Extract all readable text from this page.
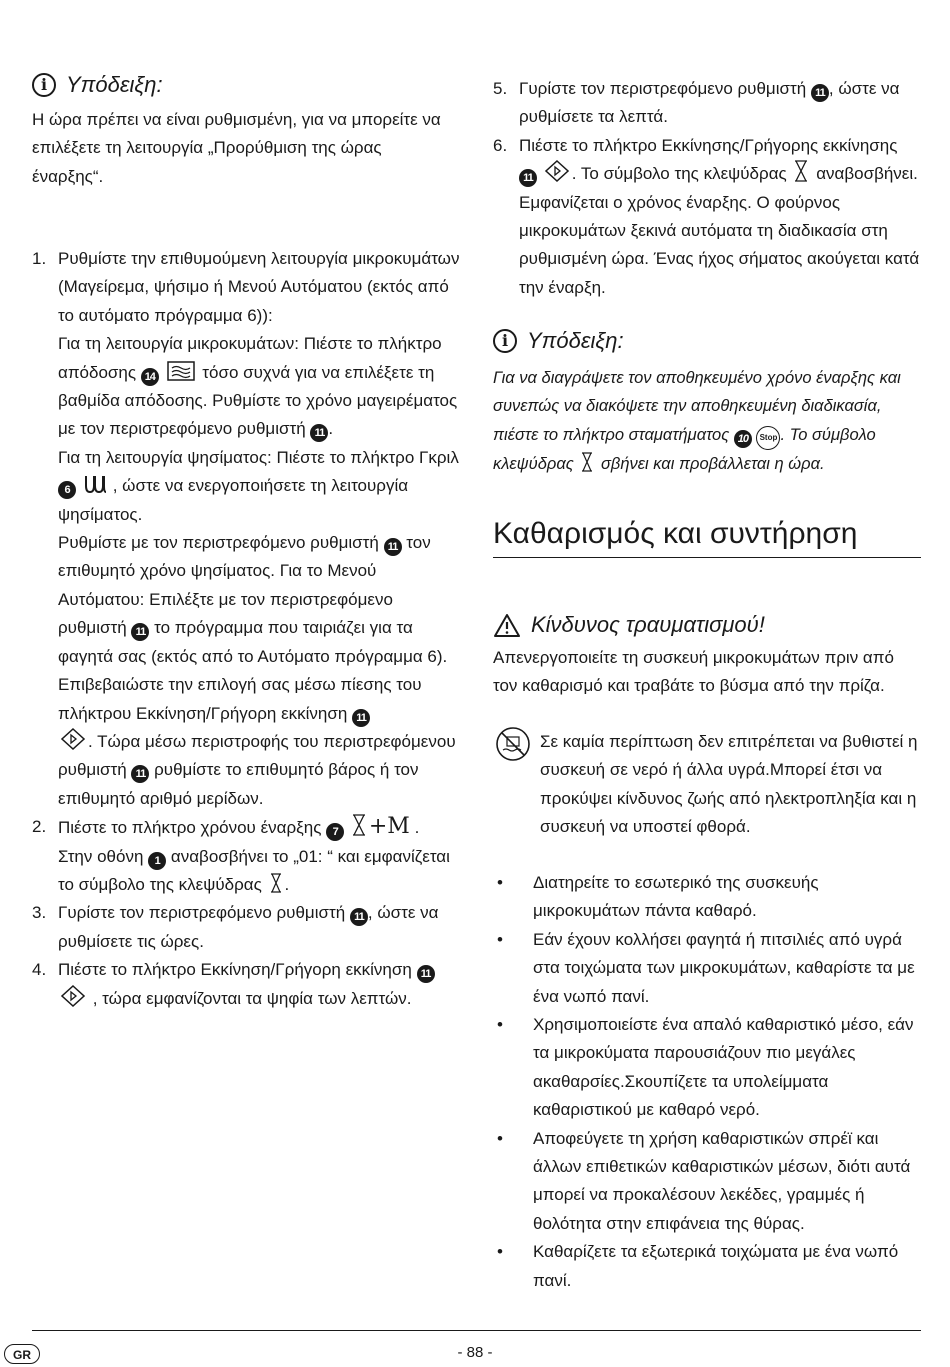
i Υπόδειξη:

Η ώρα πρέπει να είναι ρυθμισμένη, για να μπορείτε να επιλέξετε τη λειτουργία „Προρύθμιση της ώρας έναρξης“.

1. Ρυθμίστε την επιθυμούμενη λειτουργία μικροκυμάτων (Μαγείρεμα, ψήσιμο ή Μενού Αυτόματου (εκτός από το αυτόματο πρόγραμμα 6)):
Για τη λειτουργία μικροκυμάτων: Πιέστε το πλήκτρο απόδοσης 14	τόσο συχνά για να επιλέξετε τη βαθμίδα απόδοσης. Ρυθμίστε το χρόνο μαγειρέματος με τον περιστρεφόμενο ρυθμιστή 11 .
Για τη λειτουργία ψησίματος: Πιέστε το πλήκτρο Γκριλ 6	, ώστε να ενεργοποιήσετε τη λειτουργία ψησίματος.
Ρυθμίστε με τον περιστρεφόμενο ρυθμιστή 11 τον επιθυμητό χρόνο ψησίματος. Για το Μενού Αυτόματου: Επιλέξτε με τον περιστρεφόμενο ρυθμιστή 11 το πρόγραμμα που ταιριάζει για τα φαγητά σας (εκτός από το Αυτόματο πρόγραμμα 6). Επιβεβαιώστε την επιλογή σας μέσω πίεσης του πλήκτρου Εκκίνηση/Γρήγορη εκκίνηση 11
. Τώρα μέσω περιστροφής του περιστρεφόμενου ρυθμιστή 11 ρυθμίστε το επιθυμητό βάρος ή τον επιθυμητό αριθμό μερίδων.
2. Πιέστε το πλήκτρο χρόνου έναρξης 7 +M .
Στην οθόνη 1 αναβοσβήνει το „01: “ και εμφανίζεται το σύμβολο της κλεψύδρας .
3. Γυρίστε τον περιστρεφόμενο ρυθμιστή 11 , ώστε να ρυθμίσετε τις ώρες.
4. Πιέστε το πλήκτρο Εκκίνηση/Γρήγορη εκκίνηση 11
, τώρα εμφανίζονται τα ψηφία των λεπτών.
5. Γυρίστε τον περιστρεφόμενο ρυθμιστή 11 , ώστε να ρυθμίσετε τα λεπτά.
6. Πιέστε το πλήκτρο Εκκίνησης/Γρήγορης εκκίνησης
11 . Το σύμβολο της κλεψύδρας αναβοσβήνει. Εμφανίζεται ο χρόνος έναρξης. Ο φούρνος μικροκυμάτων ξεκινά αυτόματα τη διαδικασία στη ρυθμισμένη ώρα. Ένας ήχος σήματος ακούγεται κατά την έναρξη.
i Υπόδειξη:

Για να διαγράψετε τον αποθηκευμένο χρόνο έναρξης και συνεπώς να διακόψετε την αποθηκευμένη διαδικασία, πιέστε το πλήκτρο σταματήματος 10 Stop . Το σύμβολο κλεψύδρας σβήνει και προβάλλεται η ώρα.

Καθαρισμός και συντήρηση
Κίνδυνος τραυματισμού!

Απενεργοποιείτε τη συσκευή μικροκυμάτων πριν από τον καθαρισμό και τραβάτε το βύσμα από την πρίζα.

Σε καμία περίπτωση δεν επιτρέπεται να βυθιστεί η συσκευή σε νερό ή άλλα υγρά.Μπορεί έτσι να προκύψει κίνδυνος ζωής από ηλεκτροπληξία και η συσκευή να υποστεί φθορά.

• Διατηρείτε το εσωτερικό της συσκευής μικροκυμάτων πάντα καθαρό.
• Εάν έχουν κολλήσει φαγητά ή πιτσιλιές από υγρά στα τοιχώματα των μικροκυμάτων, καθαρίστε τα με ένα νωπό πανί.
• Χρησιμοποιείστε ένα απαλό καθαριστικό μέσο, εάν τα μικροκύματα παρουσιάζουν πιο μεγάλες ακαθαρσίες.Σκουπίζετε τα υπολείμματα καθαριστικού με καθαρό νερό.
• Αποφεύγετε τη χρήση καθαριστικών σπρέϊ και άλλων επιθετικών καθαριστικών μέσων, διότι αυτά μπορεί να προκαλέσουν λεκέδες, γραμμές ή θολότητα στην επιφάνεια της θύρας.
• Καθαρίζετε τα εξωτερικά τοιχώματα με ένα νωπό πανί.
GR	- 88 -
